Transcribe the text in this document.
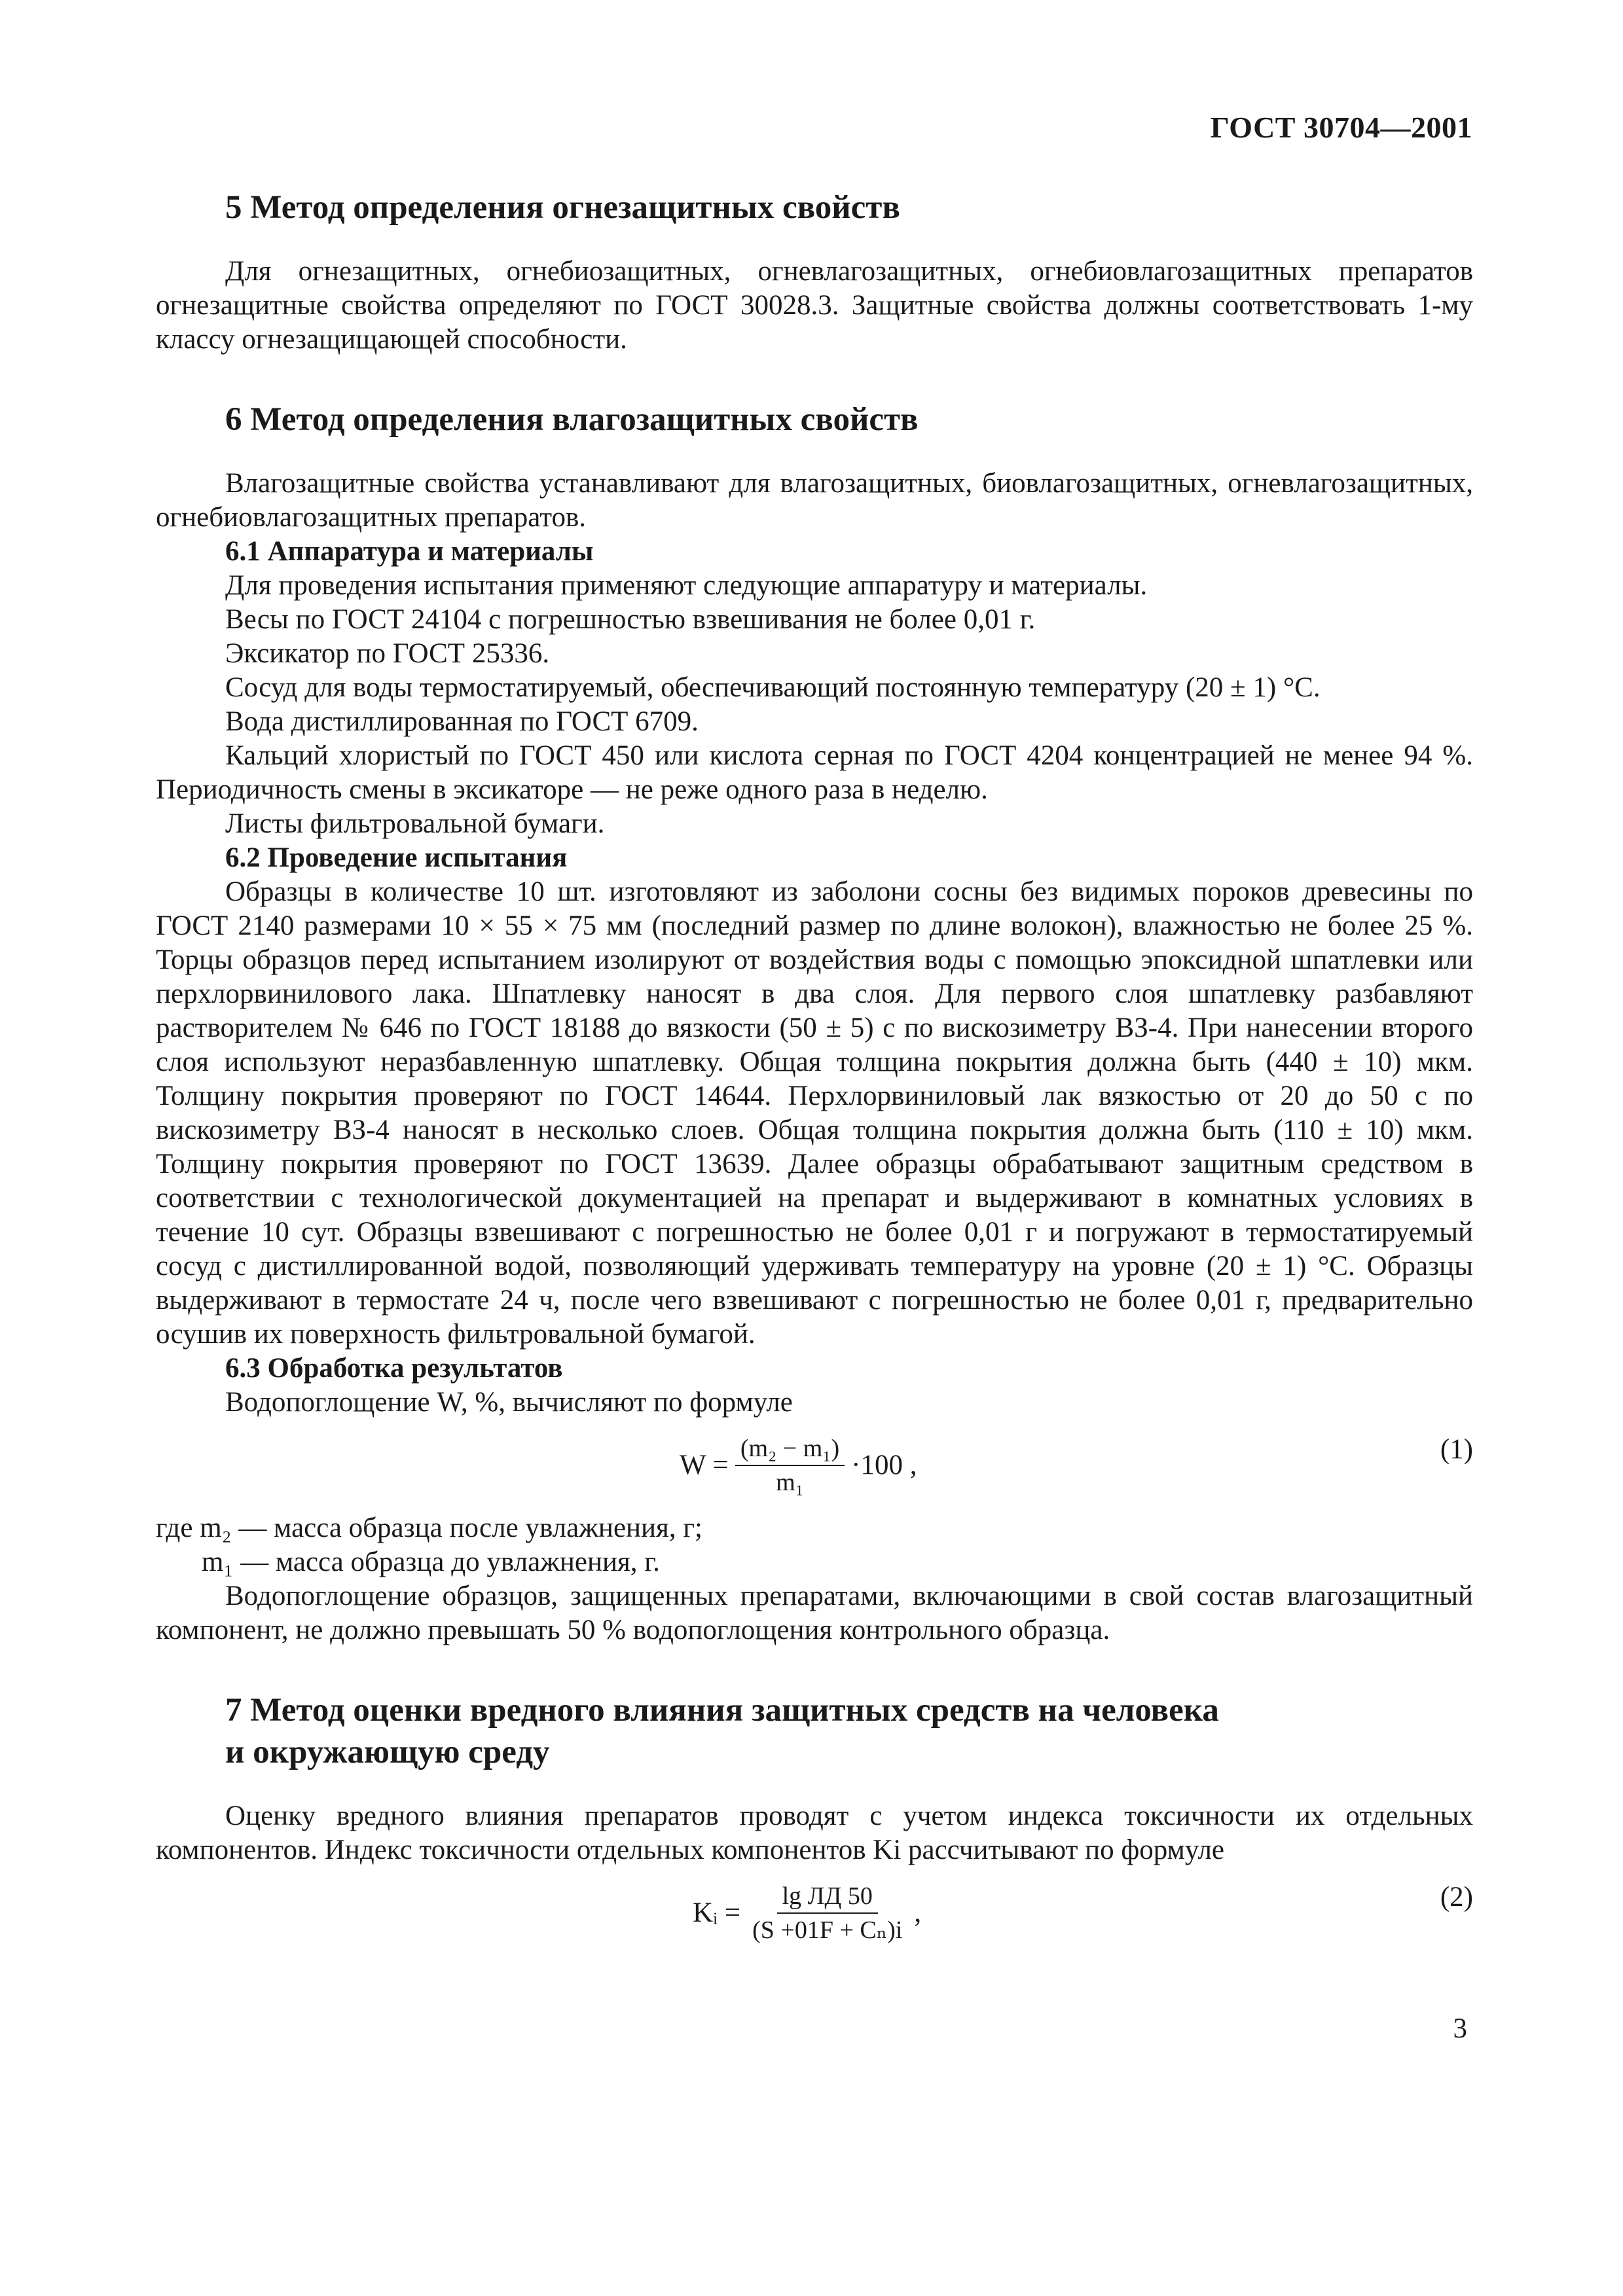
ГОСТ 30704—2001
5 Метод определения огнезащитных свойств

Для огнезащитных, огнебиозащитных, огневлагозащитных, огнебиовлагозащитных препаратов огнезащитные свойства определяют по ГОСТ 30028.3. Защитные свойства должны соответствовать 1-му классу огнезащищающей способности.

6 Метод определения влагозащитных свойств

Влагозащитные свойства устанавливают для влагозащитных, биовлагозащитных, огневлагозащитных, огнебиовлагозащитных препаратов.

6.1 Аппаратура и материалы
Для проведения испытания применяют следующие аппаратуру и материалы.
Весы по ГОСТ 24104 с погрешностью взвешивания не более 0,01 г.
Эксикатор по ГОСТ 25336.
Сосуд для воды термостатируемый, обеспечивающий постоянную температуру (20 ± 1) °С.
Вода дистиллированная по ГОСТ 6709.

Кальций хлористый по ГОСТ 450 или кислота серная по ГОСТ 4204 концентрацией не менее 94 %. Периодичность смены в эксикаторе — не реже одного раза в неделю.

Листы фильтровальной бумаги.
6.2 Проведение испытания

Образцы в количестве 10 шт. изготовляют из заболони сосны без видимых пороков древесины по ГОСТ 2140 размерами 10 × 55 × 75 мм (последний размер по длине волокон), влажностью не более 25 %. Торцы образцов перед испытанием изолируют от воздействия воды с помощью эпоксидной шпатлевки или перхлорвинилового лака. Шпатлевку наносят в два слоя. Для первого слоя шпатлевку разбавляют растворителем № 646 по ГОСТ 18188 до вязкости (50 ± 5) с по вискозиметру ВЗ-4. При нанесении второго слоя используют неразбавленную шпатлевку. Общая толщина покрытия должна быть (440 ± 10) мкм. Толщину покрытия проверяют по ГОСТ 14644. Перхлорвиниловый лак вязкостью от 20 до 50 с по вискозиметру ВЗ-4 наносят в несколько слоев. Общая толщина покрытия должна быть (110 ± 10) мкм. Толщину покрытия проверяют по ГОСТ 13639. Далее образцы обрабатывают защитным средством в соответствии с технологической документацией на препарат и выдерживают в комнатных условиях в течение 10 сут. Образцы взвешивают с погрешностью не более 0,01 г и погружают в термостатируемый сосуд с дистиллированной водой, позволяющий удерживать температуру на уровне (20 ± 1) °С. Образцы выдерживают в термостате 24 ч, после чего взвешивают с погрешностью не более 0,01 г, предварительно осушив их поверхность фильтровальной бумагой.

6.3 Обработка результатов
Водопоглощение W, %, вычисляют по формуле
$W = \frac{\text{(m₂ − m₁)}}{\text{m₁}} \cdot 100$ ,
(1)
где m₂ — масса образца после увлажнения, г;
m₁ — масса образца до увлажнения, г.

Водопоглощение образцов, защищенных препаратами, включающими в свой состав влагозащитный компонент, не должно превышать 50 % водопоглощения контрольного образца.

7 Метод оценки вредного влияния защитных средств на человека
и окружающую среду

Оценку вредного влияния препаратов проводят с учетом индекса токсичности их отдельных компонентов. Индекс токсичности отдельных компонентов Ki рассчитывают по формуле

Kᵢ = $\frac{\text{lg ЛД 50}}{\text{(S +01F + Cₙ)i}}$ ,
(2)
3
